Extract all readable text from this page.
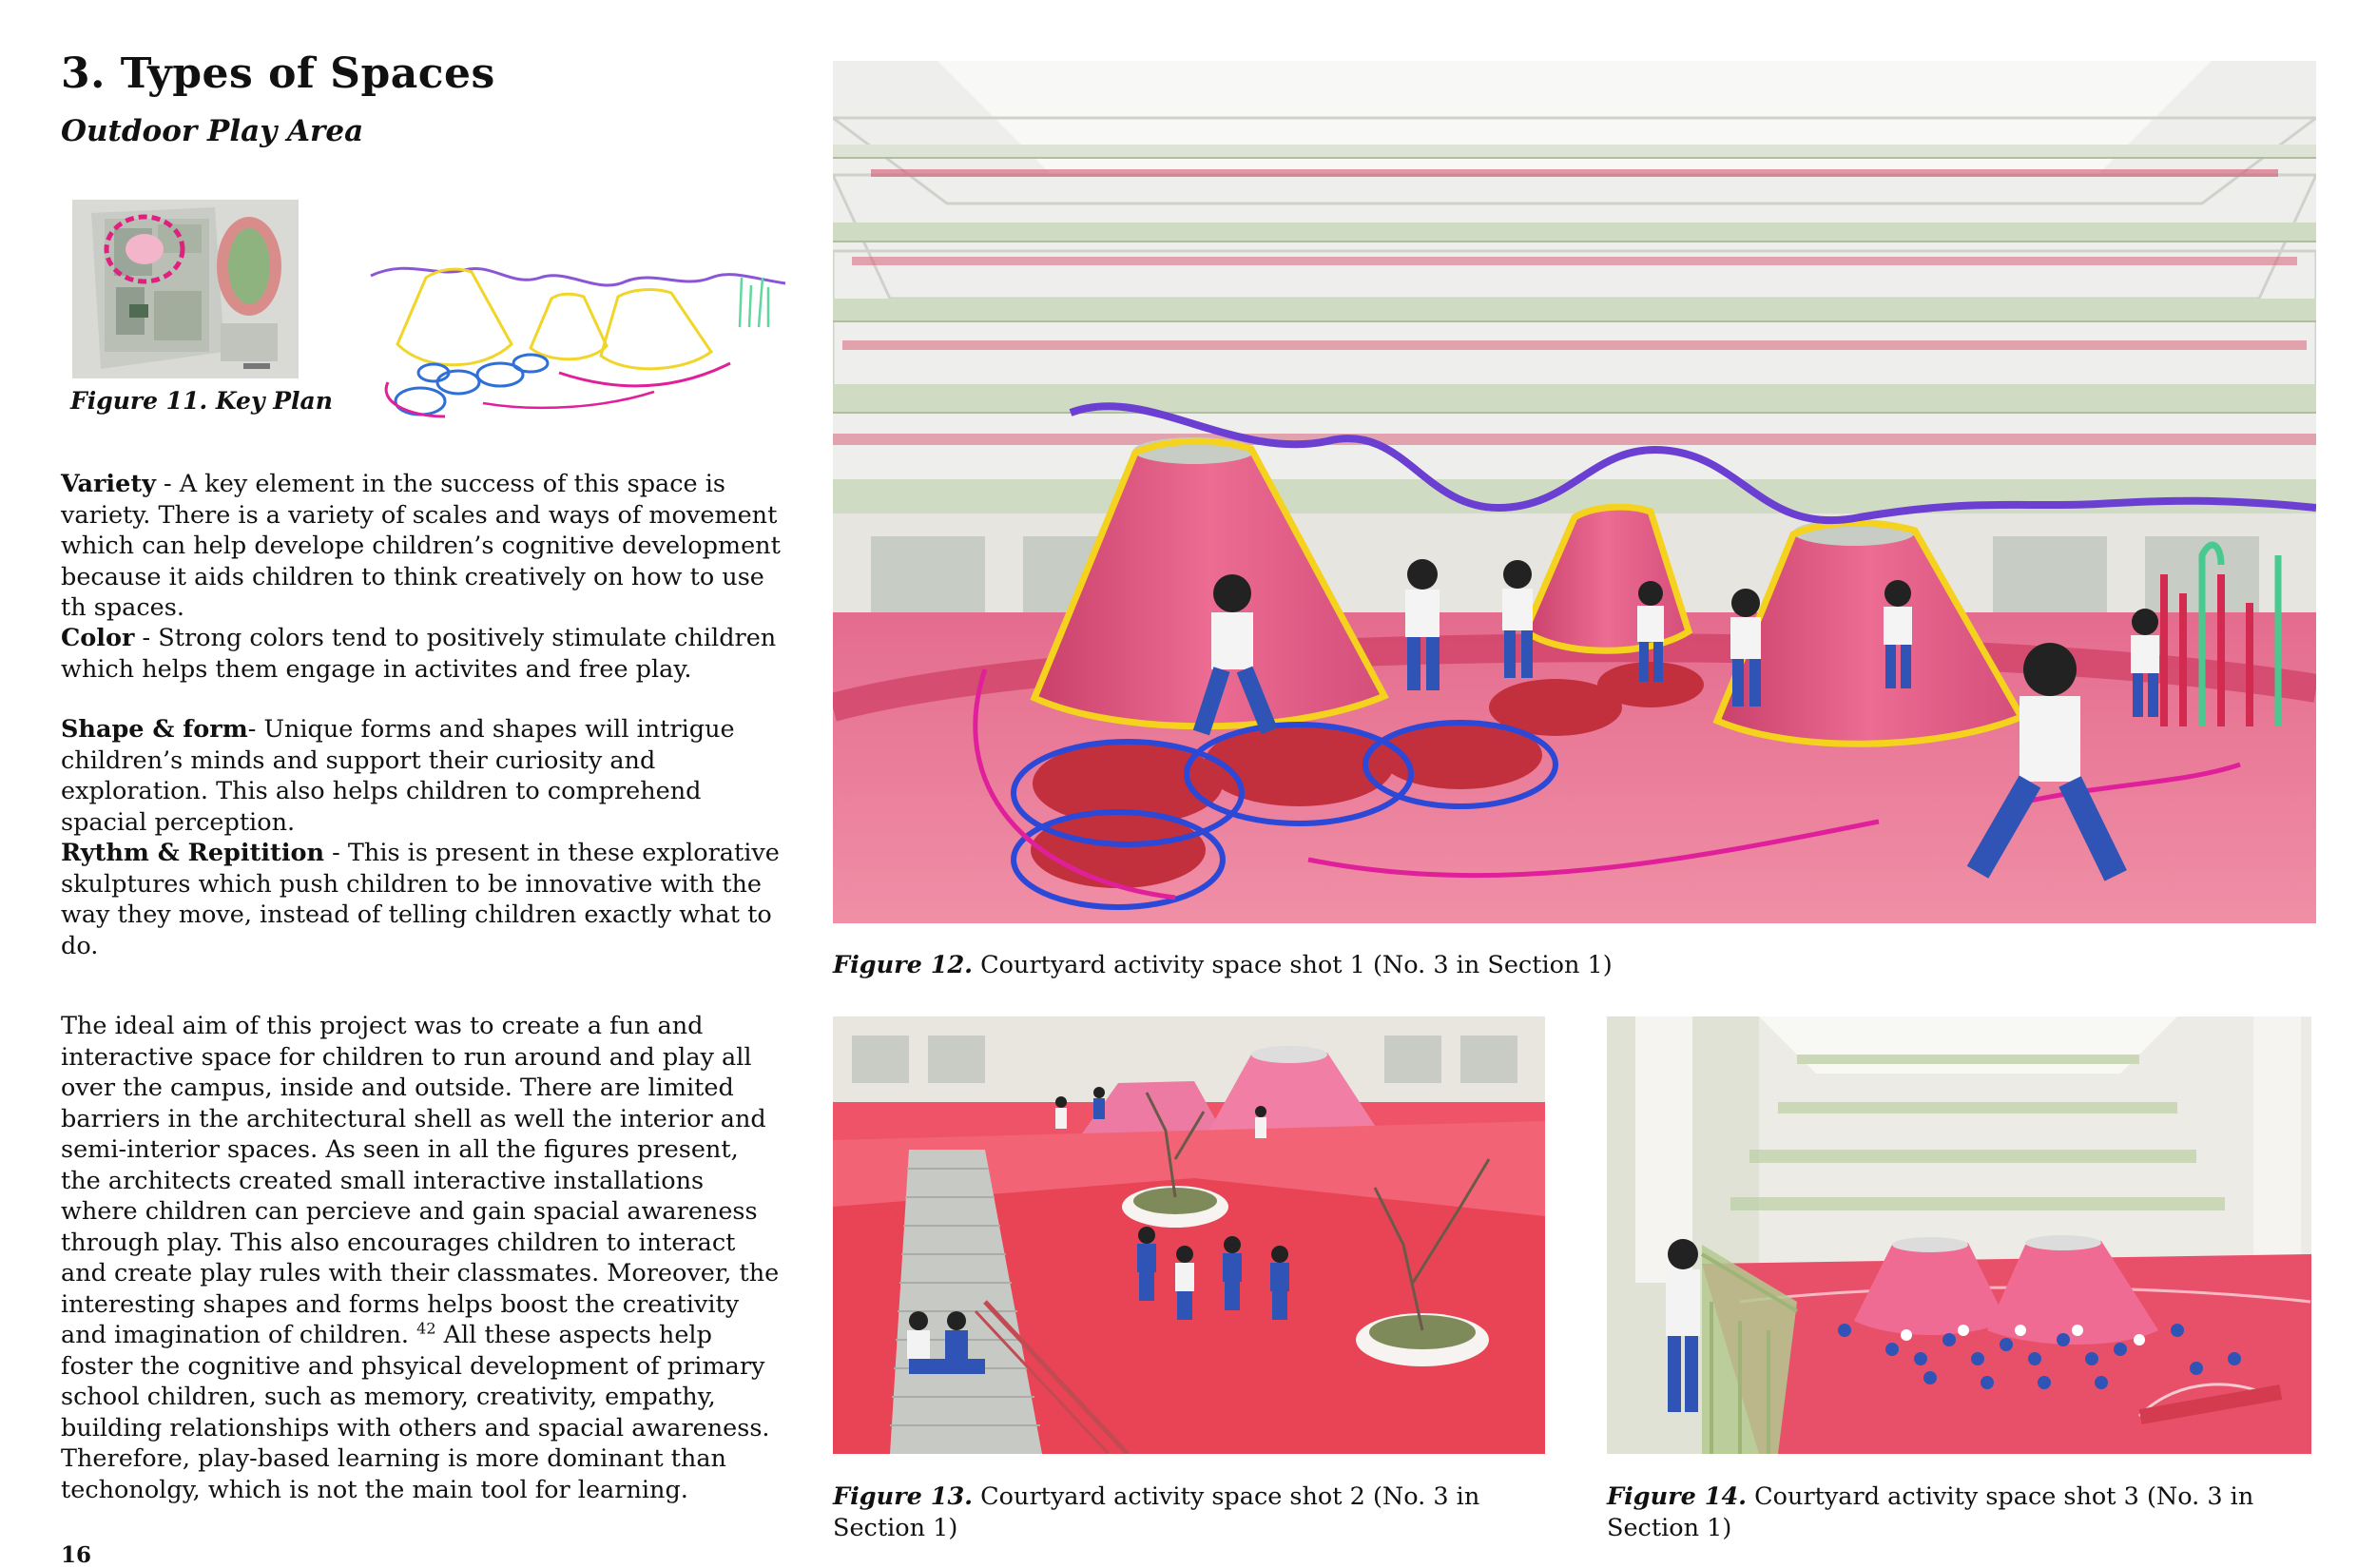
3. Types of Spaces
Outdoor Play Area
Figure 11. Key Plan

Variety - A key element in the success of this space is variety. There is a variety of scales and ways of movement which can help develope children’s cognitive development because it aids children to think creatively on how to use th spaces.

Color - Strong colors tend to positively stimulate children which helps them engage in activites and free play.

Shape & form- Unique forms and shapes will intrigue children’s minds and support their curiosity and exploration. This also helps children to comprehend spacial perception.

Rythm & Repitition - This is present in these explorative skulptures which push children to be innovative with the way they move, instead of telling children exactly what to do.

The ideal aim of this project was to create a fun and interactive space for children to run around and play all over the campus, inside and outside. There are limited barriers in the architectural shell as well the interior and semi-interior spaces. As seen in all the figures present, the architects created small interactive installations where children can percieve and gain spacial awareness through play. This also encourages children to interact and create play rules with their classmates. Moreover, the interesting shapes and forms helps boost the creativity and imagination of children. $^{42}$ All these aspects help foster the cognitive and phsyical development of primary school children, such as memory, creativity, empathy, building relationships with others and spacial awareness. Therefore, play-based learning is more dominant than techonolgy, which is not the main tool for learning.

Figure 12. Courtyard activity space shot 1 (No. 3 in Section 1)
Figure 13. Courtyard activity space shot 2 (No. 3 in Section 1)
Figure 14. Courtyard activity space shot 3 (No. 3 in Section 1)
16
